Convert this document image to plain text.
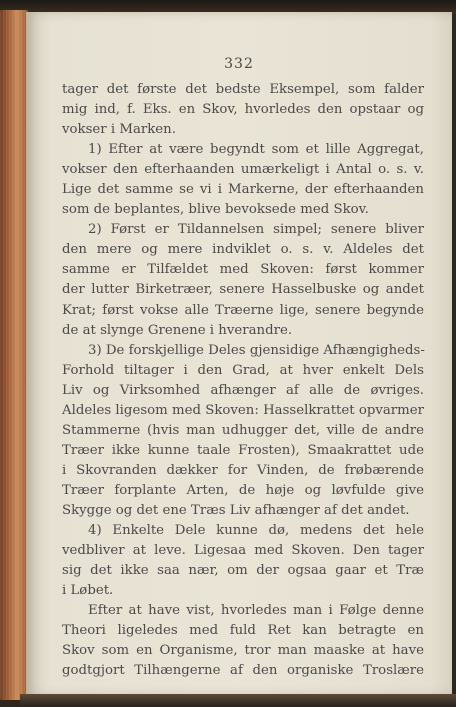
332
tager det første det bedste Eksempel, som falder
mig ind, f. Eks. en Skov, hvorledes den opstaar og
vokser i Marken.
1) Efter at være begyndt som et lille Aggregat,
vokser den efterhaanden umærkeligt i Antal o. s. v.
Lige det samme se vi i Markerne, der efterhaanden
som de beplantes, blive bevoksede med Skov.
2) Først er Tildannelsen simpel; senere bliver
den mere og mere indviklet o. s. v. Aldeles det
samme er Tilfældet med Skoven: først kommer
der lutter Birketræer, senere Hasselbuske og andet
Krat; først vokse alle Træerne lige, senere begynde
de at slynge Grenene i hverandre.
3) De forskjellige Deles gjensidige Afhængigheds-
Forhold tiltager i den Grad, at hver enkelt Dels
Liv og Virksomhed afhænger af alle de øvriges.
Aldeles ligesom med Skoven: Hasselkrattet opvarmer
Stammerne (hvis man udhugger det, ville de andre
Træer ikke kunne taale Frosten), Smaakrattet ude
i Skovranden dækker for Vinden, de frøbærende
Træer forplante Arten, de høje og løvfulde give
Skygge og det ene Træs Liv afhænger af det andet.
4) Enkelte Dele kunne dø, medens det hele
vedbliver at leve. Ligesaa med Skoven. Den tager
sig det ikke saa nær, om der ogsaa gaar et Træ
i Løbet.
Efter at have vist, hvorledes man i Følge denne
Theori ligeledes med fuld Ret kan betragte en
Skov som en Organisme, tror man maaske at have
godtgjort Tilhængerne af den organiske Troslære
